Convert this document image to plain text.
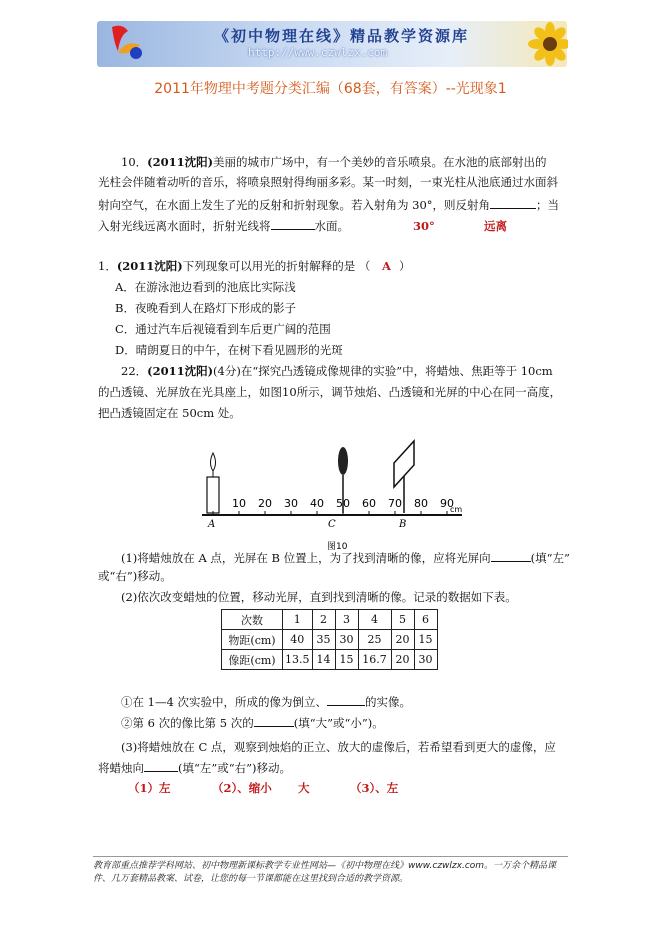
《初中物理在线》精品教学资源库
http://www.czwlzx.com
2011年物理中考题分类汇编（68套，有答案）--光现象1
10．(2011沈阳)美丽的城市广场中，有一个美妙的音乐喷泉。在水池的底部射出的
光柱会伴随着动听的音乐，将喷泉照射得绚丽多彩。某一时刻，一束光柱从池底通过水面斜
射向空气，在水面上发生了光的反射和折射现象。若入射角为 30°，则反射角	；当
入射光线远离水面时，折射光线将	水面。	30°	远离
1．(2011沈阳)下列现象可以用光的折射解释的是 （ A ）
A．在游泳池边看到的池底比实际浅
B．夜晚看到人在路灯下形成的影子
C．通过汽车后视镜看到车后更广阔的范围
D．晴朗夏日的中午，在树下看见圆形的光斑
22．(2011沈阳)(4分)在“探究凸透镜成像规律的实验”中，将蜡烛、焦距等于 10cm
的凸透镜、光屏放在光具座上，如图10所示，调节烛焰、凸透镜和光屏的中心在同一高度，
把凸透镜固定在 50cm 处。
10 20 30 40 50 60 70 80 90
cm
A	C	B
图10
(1)将蜡烛放在 A 点，光屏在 B 位置上，为了找到清晰的像，应将光屏向	(填“左”
或“右”)移动。
(2)依次改变蜡烛的位置，移动光屏，直到找到清晰的像。记录的数据如下表。
次数	1	2	3	4	5	6
物距(cm)	40	35	30	25	20	15
像距(cm)	13.5	14	15	16.7	20	30
①在 1—4 次实验中，所成的像为倒立、	的实像。
②第 6 次的像比第 5 次的	(填“大”或“小”)。
(3)将蜡烛放在 C 点，观察到烛焰的正立、放大的虚像后，若希望看到更大的虚像，应
将蜡烛向	(填“左”或“右”)移动。
（1）左	（2）、缩小 大	（3）、左
教育部重点推荐学科网站、初中物理新课标教学专业性网站—《初中物理在线》www.czwlzx.com。一万余个精品课件、几万套精品教案、试卷，让您的每一节课都能在这里找到合适的教学资源。
